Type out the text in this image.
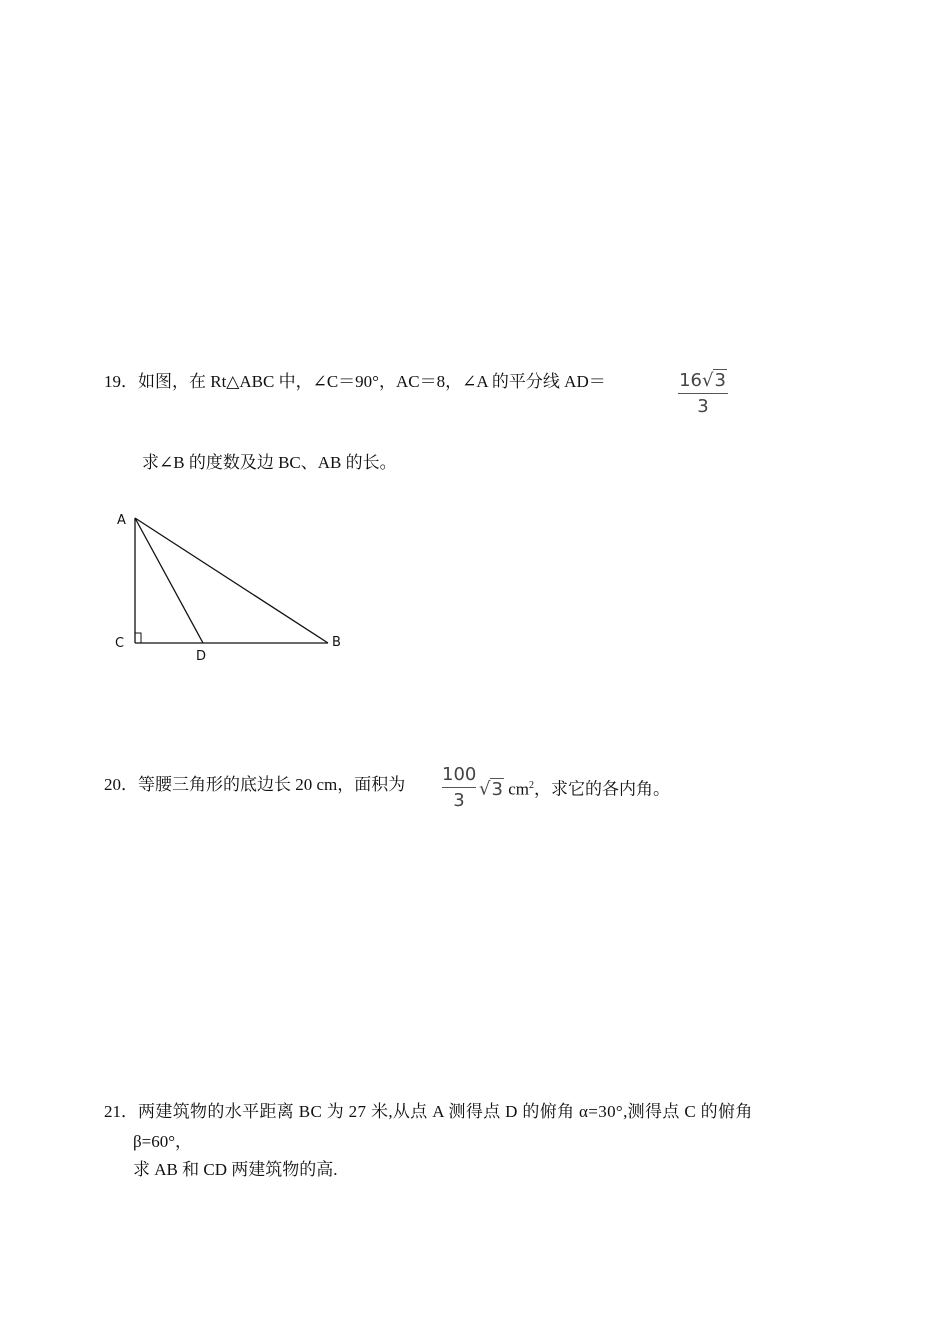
19．如图，在 Rt△ABC 中，∠C＝90°，AC＝8，∠A 的平分线 AD＝	16√3
3
求∠B 的度数及边 BC、AB 的长。
A
C
D
B
20．等腰三角形的底边长 20 cm，面积为 100
3
√3 $cm^2$，求它的各内角。
21．两建筑物的水平距离 BC 为 27 米,从点 A 测得点 D 的俯角 α=30°,测得点 C 的俯角
β=60°，
求 AB 和 CD 两建筑物的高.
